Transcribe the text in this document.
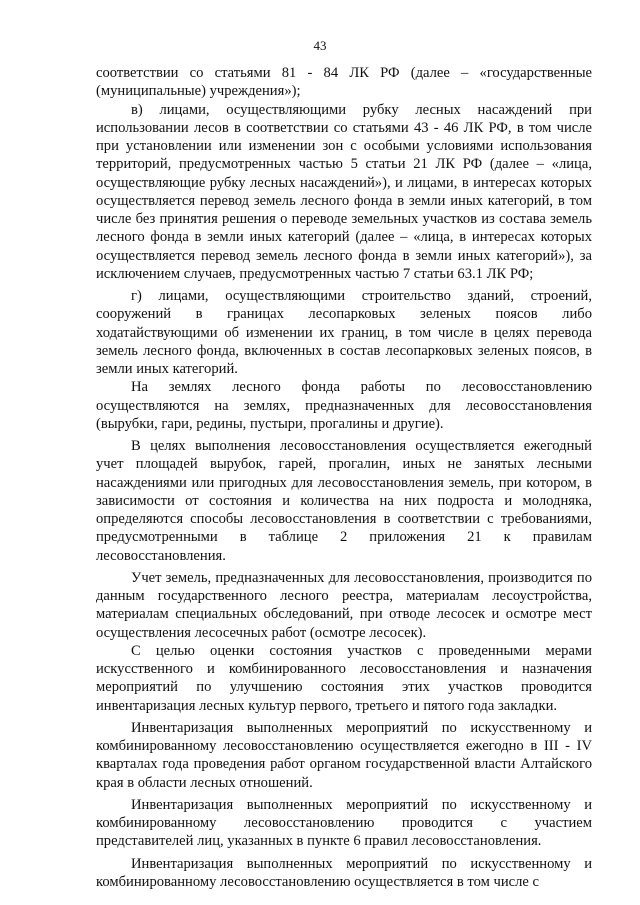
43

соответствии со статьями 81 - 84 ЛК РФ (далее – «государственные (муниципальные) учреждения»);

в) лицами, осуществляющими рубку лесных насаждений при использовании лесов в соответствии со статьями 43 - 46 ЛК РФ, в том числе при установлении или изменении зон с особыми условиями использования территорий, предусмотренных частью 5 статьи 21 ЛК РФ (далее – «лица, осуществляющие рубку лесных насаждений»), и лицами, в интересах которых осуществляется перевод земель лесного фонда в земли иных категорий, в том числе без принятия решения о переводе земельных участков из состава земель лесного фонда в земли иных категорий (далее – «лица, в интересах которых осуществляется перевод земель лесного фонда в земли иных категорий»), за исключением случаев, предусмотренных частью 7 статьи 63.1 ЛК РФ;

г) лицами, осуществляющими строительство зданий, строений, сооружений в границах лесопарковых зеленых поясов либо ходатайствующими об изменении их границ, в том числе в целях перевода земель лесного фонда, включенных в состав лесопарковых зеленых поясов, в земли иных категорий.

На землях лесного фонда работы по лесовосстановлению осуществляются на землях, предназначенных для лесовосстановления (вырубки, гари, редины, пустыри, прогалины и другие).

В целях выполнения лесовосстановления осуществляется ежегодный учет площадей вырубок, гарей, прогалин, иных не занятых лесными насаждениями или пригодных для лесовосстановления земель, при котором, в зависимости от состояния и количества на них подроста и молодняка, определяются способы лесовосстановления в соответствии с требованиями, предусмотренными в таблице 2 приложения 21 к правилам лесовосстановления.

Учет земель, предназначенных для лесовосстановления, производится по данным государственного лесного реестра, материалам лесоустройства, материалам специальных обследований, при отводе лесосек и осмотре мест осуществления лесосечных работ (осмотре лесосек).

С целью оценки состояния участков с проведенными мерами искусственного и комбинированного лесовосстановления и назначения мероприятий по улучшению состояния этих участков проводится инвентаризация лесных культур первого, третьего и пятого года закладки.

Инвентаризация выполненных мероприятий по искусственному и комбинированному лесовосстановлению осуществляется ежегодно в III - IV кварталах года проведения работ органом государственной власти Алтайского края в области лесных отношений.

Инвентаризация выполненных мероприятий по искусственному и комбинированному лесовосстановлению проводится с участием представителей лиц, указанных в пункте 6 правил лесовосстановления.

Инвентаризация выполненных мероприятий по искусственному и комбинированному лесовосстановлению осуществляется в том числе с
